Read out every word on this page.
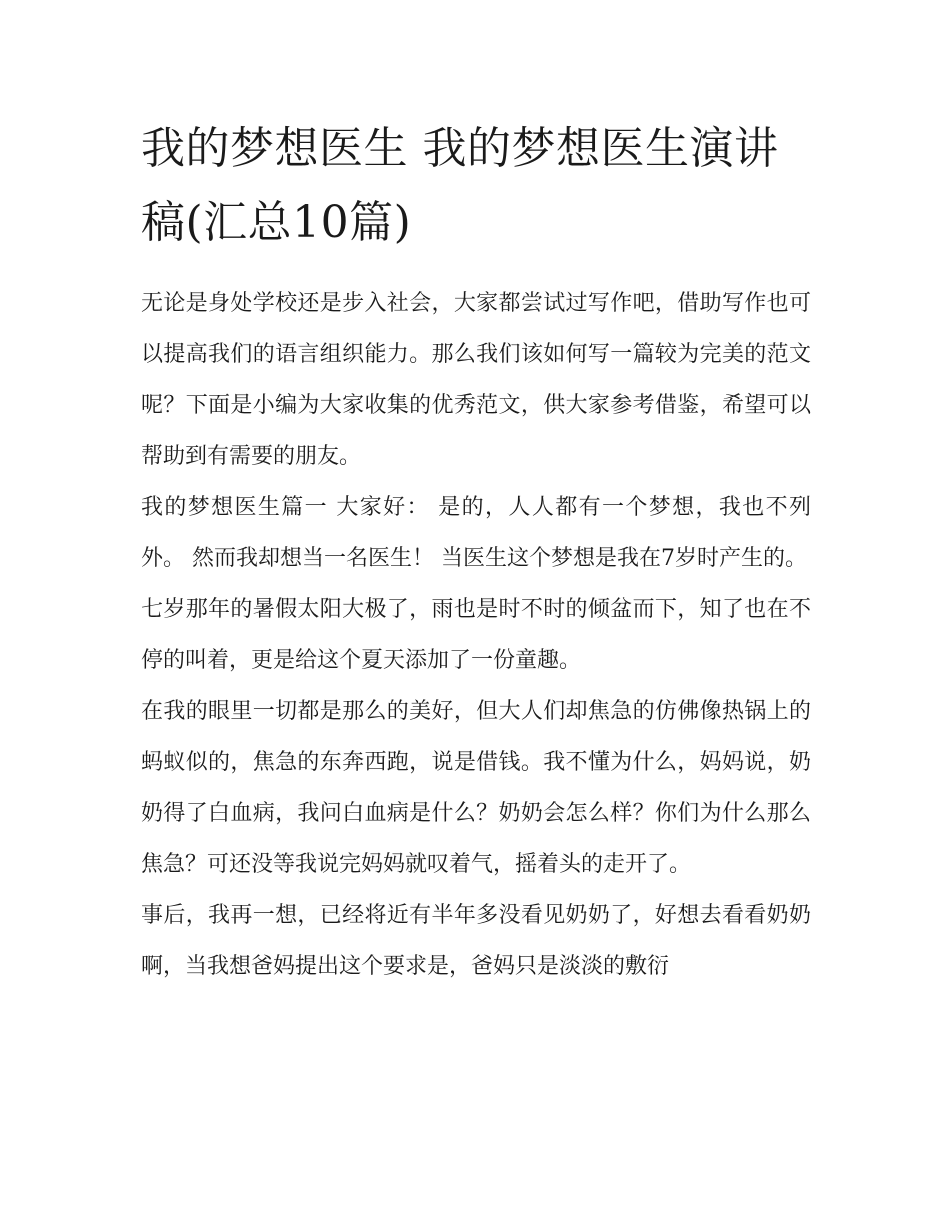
我的梦想医生 我的梦想医生演讲稿(汇总10篇)

无论是身处学校还是步入社会，大家都尝试过写作吧，借助写作也可以提高我们的语言组织能力。那么我们该如何写一篇较为完美的范文呢？下面是小编为大家收集的优秀范文，供大家参考借鉴，希望可以帮助到有需要的朋友。

我的梦想医生篇一 大家好： 是的，人人都有一个梦想，我也不列外。 然而我却想当一名医生！ 当医生这个梦想是我在7岁时产生的。

七岁那年的暑假太阳大极了，雨也是时不时的倾盆而下，知了也在不停的叫着，更是给这个夏天添加了一份童趣。

在我的眼里一切都是那么的美好，但大人们却焦急的仿佛像热锅上的蚂蚁似的，焦急的东奔西跑，说是借钱。我不懂为什么，妈妈说，奶奶得了白血病，我问白血病是什么？奶奶会怎么样？你们为什么那么焦急？可还没等我说完妈妈就叹着气，摇着头的走开了。

事后，我再一想，已经将近有半年多没看见奶奶了，好想去看看奶奶啊，当我想爸妈提出这个要求是，爸妈只是淡淡的敷衍
